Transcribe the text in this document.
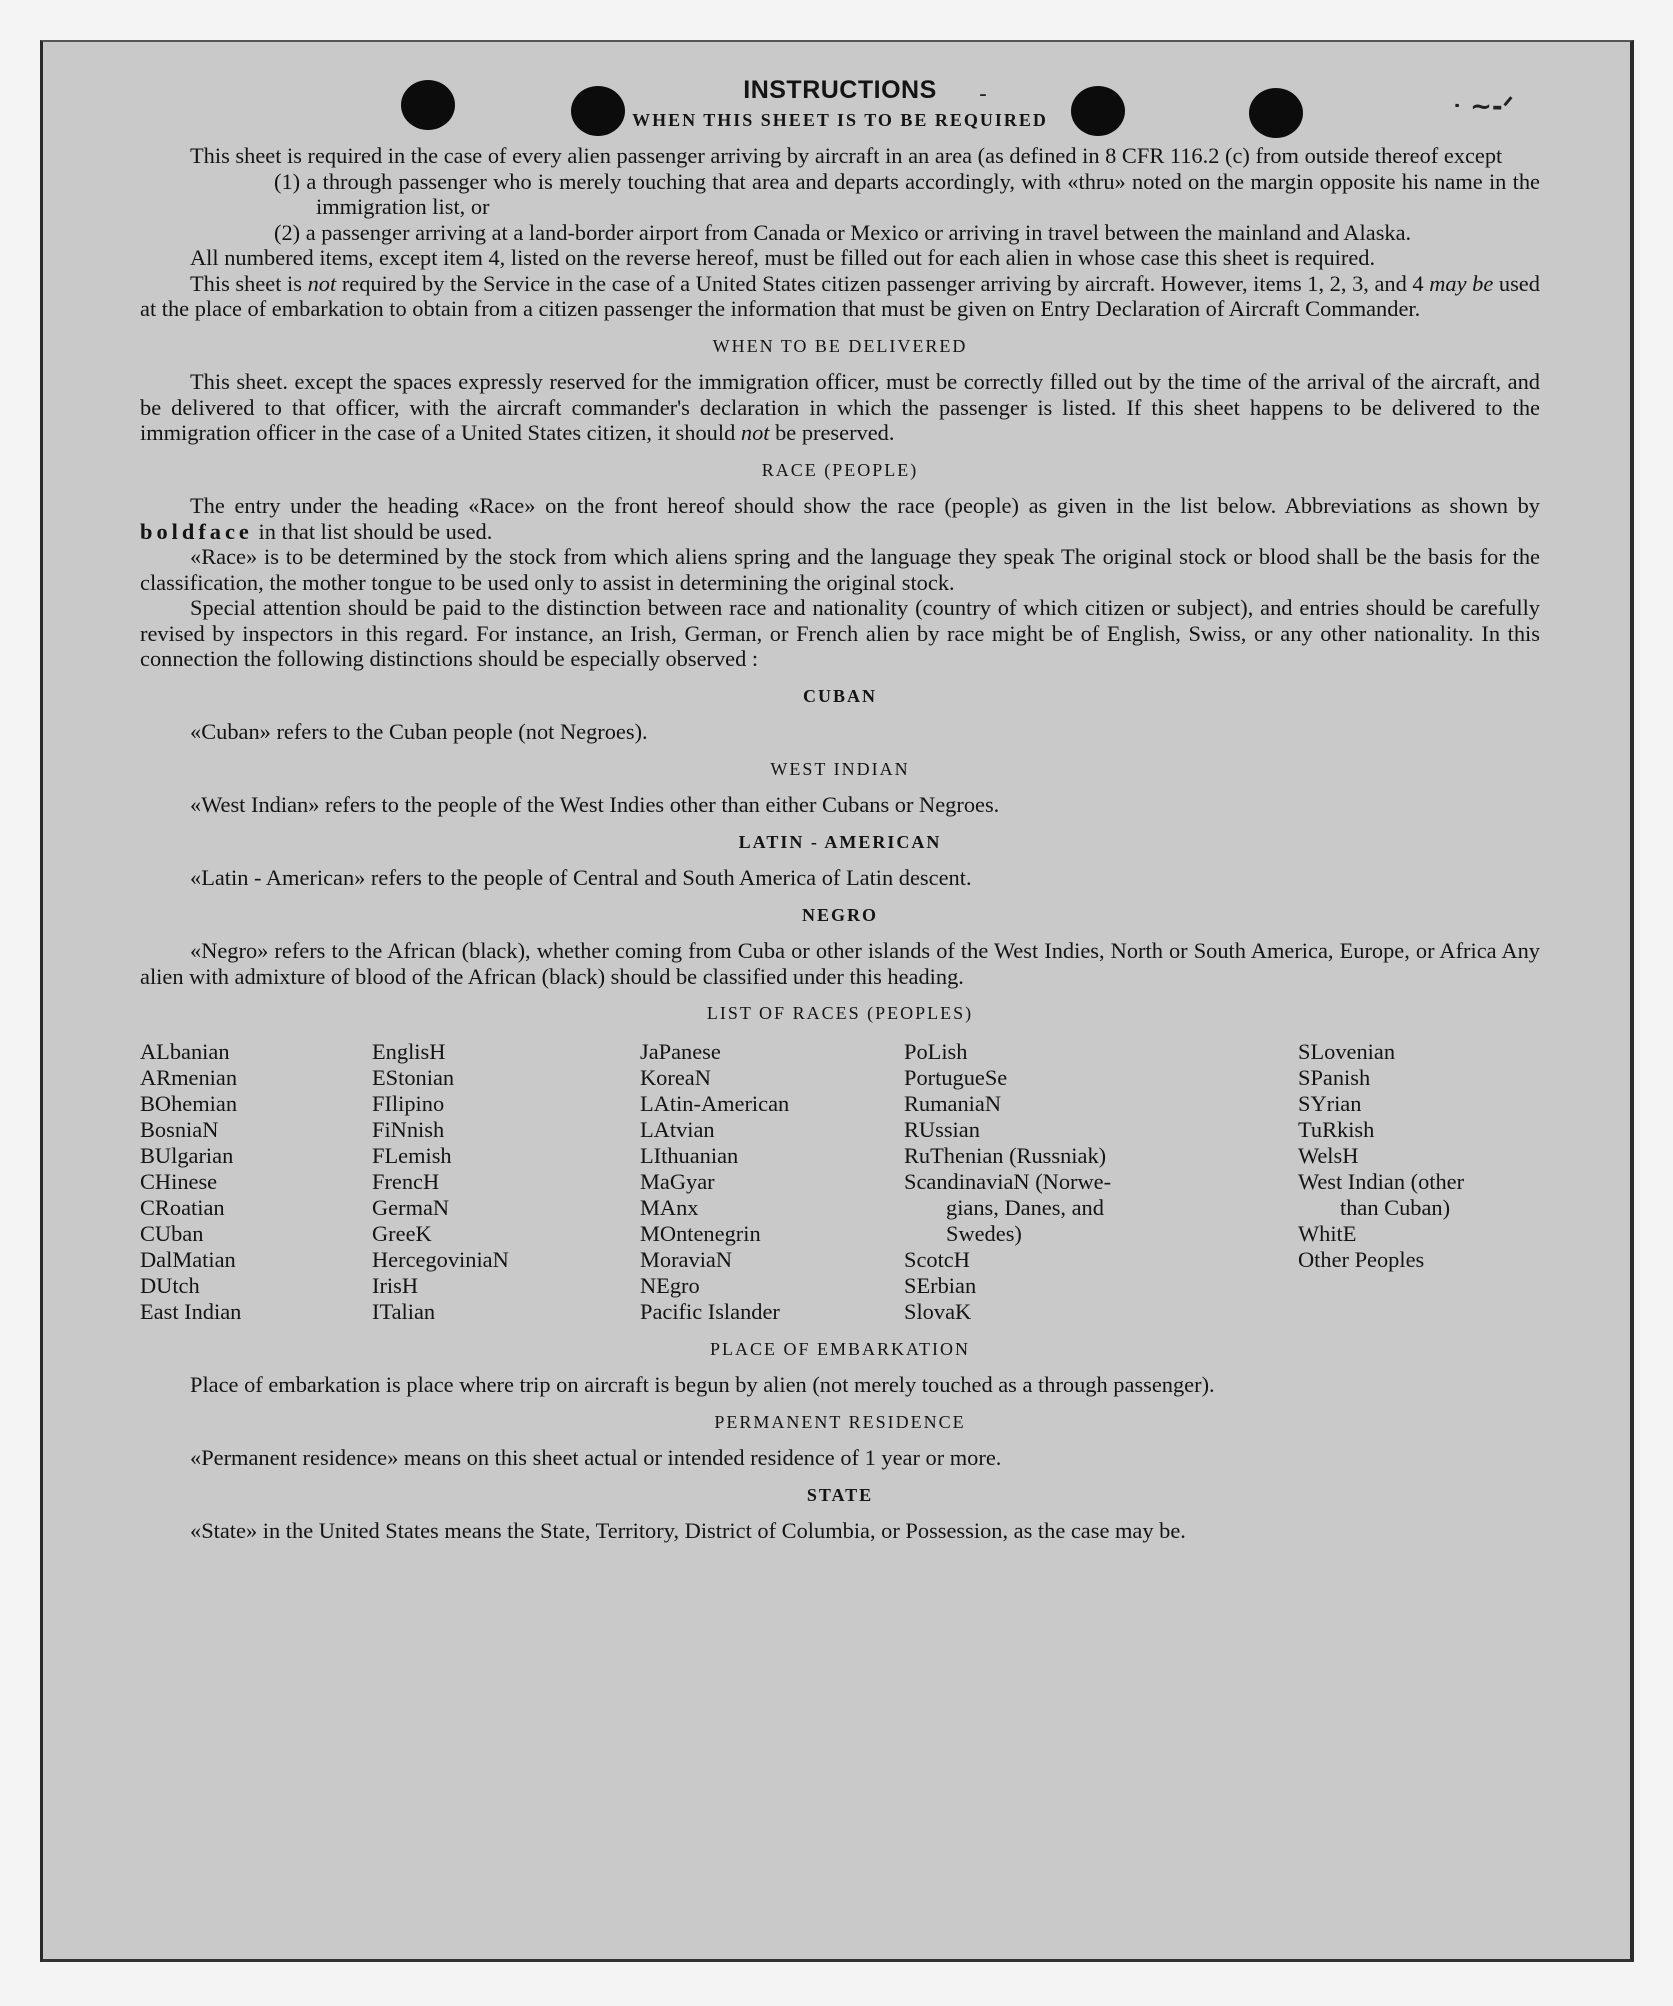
-	ᐧ ~-ᐟ
INSTRUCTIONS
WHEN THIS SHEET IS TO BE REQUIRED

This sheet is required in the case of every alien passenger arriving by aircraft in an area (as defined in 8 CFR 116.2 (c) from outside thereof except

(1) a through passenger who is merely touching that area and departs accordingly, with «thru» noted on the margin opposite his name in the immigration list, or

(2) a passenger arriving at a land-border airport from Canada or Mexico or arriving in travel between the mainland and Alaska.

All numbered items, except item 4, listed on the reverse hereof, must be filled out for each alien in whose case this sheet is required.

This sheet is not required by the Service in the case of a United States citizen passenger arriving by aircraft. However, items 1, 2, 3, and 4 may be used at the place of embarkation to obtain from a citizen passenger the information that must be given on Entry Declaration of Aircraft Commander.

WHEN TO BE DELIVERED

This sheet. except the spaces expressly reserved for the immigration officer, must be correctly filled out by the time of the arrival of the aircraft, and be delivered to that officer, with the aircraft commander's declaration in which the passenger is listed. If this sheet happens to be delivered to the immigration officer in the case of a United States citizen, it should not be preserved.

RACE (PEOPLE)

The entry under the heading «Race» on the front hereof should show the race (people) as given in the list below. Abbreviations as shown by boldface in that list should be used.

«Race» is to be determined by the stock from which aliens spring and the language they speak The original stock or blood shall be the basis for the classification, the mother tongue to be used only to assist in determining the original stock.

Special attention should be paid to the distinction between race and nationality (country of which citizen or subject), and entries should be carefully revised by inspectors in this regard. For instance, an Irish, German, or French alien by race might be of English, Swiss, or any other nationality. In this connection the following distinctions should be especially observed :

CUBAN

«Cuban» refers to the Cuban people (not Negroes).

WEST INDIAN

«West Indian» refers to the people of the West Indies other than either Cubans or Negroes.

LATIN - AMERICAN

«Latin - American» refers to the people of Central and South America of Latin descent.

NEGRO

«Negro» refers to the African (black), whether coming from Cuba or other islands of the West Indies, North or South America, Europe, or Africa Any alien with admixture of blood of the African (black) should be classified under this heading.

LIST OF RACES (PEOPLES)
ALbanian
ARmenian
BOhemian
BosniaN
BUlgarian
CHinese
CRoatian
CUban
DalMatian
DUtch
East Indian
EnglisH
EStonian
FIlipino
FiNnish
FLemish
FrencH
GermaN
GreeK
HercegoviniaN
IrisH
ITalian
JaPanese
KoreaN
LAtin-American
LAtvian
LIthuanian
MaGyar
MAnx
MOntenegrin
MoraviaN
NEgro
Pacific Islander
PoLish
PortugueSe
RumaniaN
RUssian
RuThenian (Russniak)
ScandinaviaN (Norwe-
gians, Danes, and
Swedes)
ScotcH
SErbian
SlovaK
SLovenian
SPanish
SYrian
TuRkish
WelsH
West Indian (other
than Cuban)
WhitE
Other Peoples
PLACE OF EMBARKATION

Place of embarkation is place where trip on aircraft is begun by alien (not merely touched as a through passenger).

PERMANENT RESIDENCE

«Permanent residence» means on this sheet actual or intended residence of 1 year or more.

STATE

«State» in the United States means the State, Territory, District of Columbia, or Possession, as the case may be.
